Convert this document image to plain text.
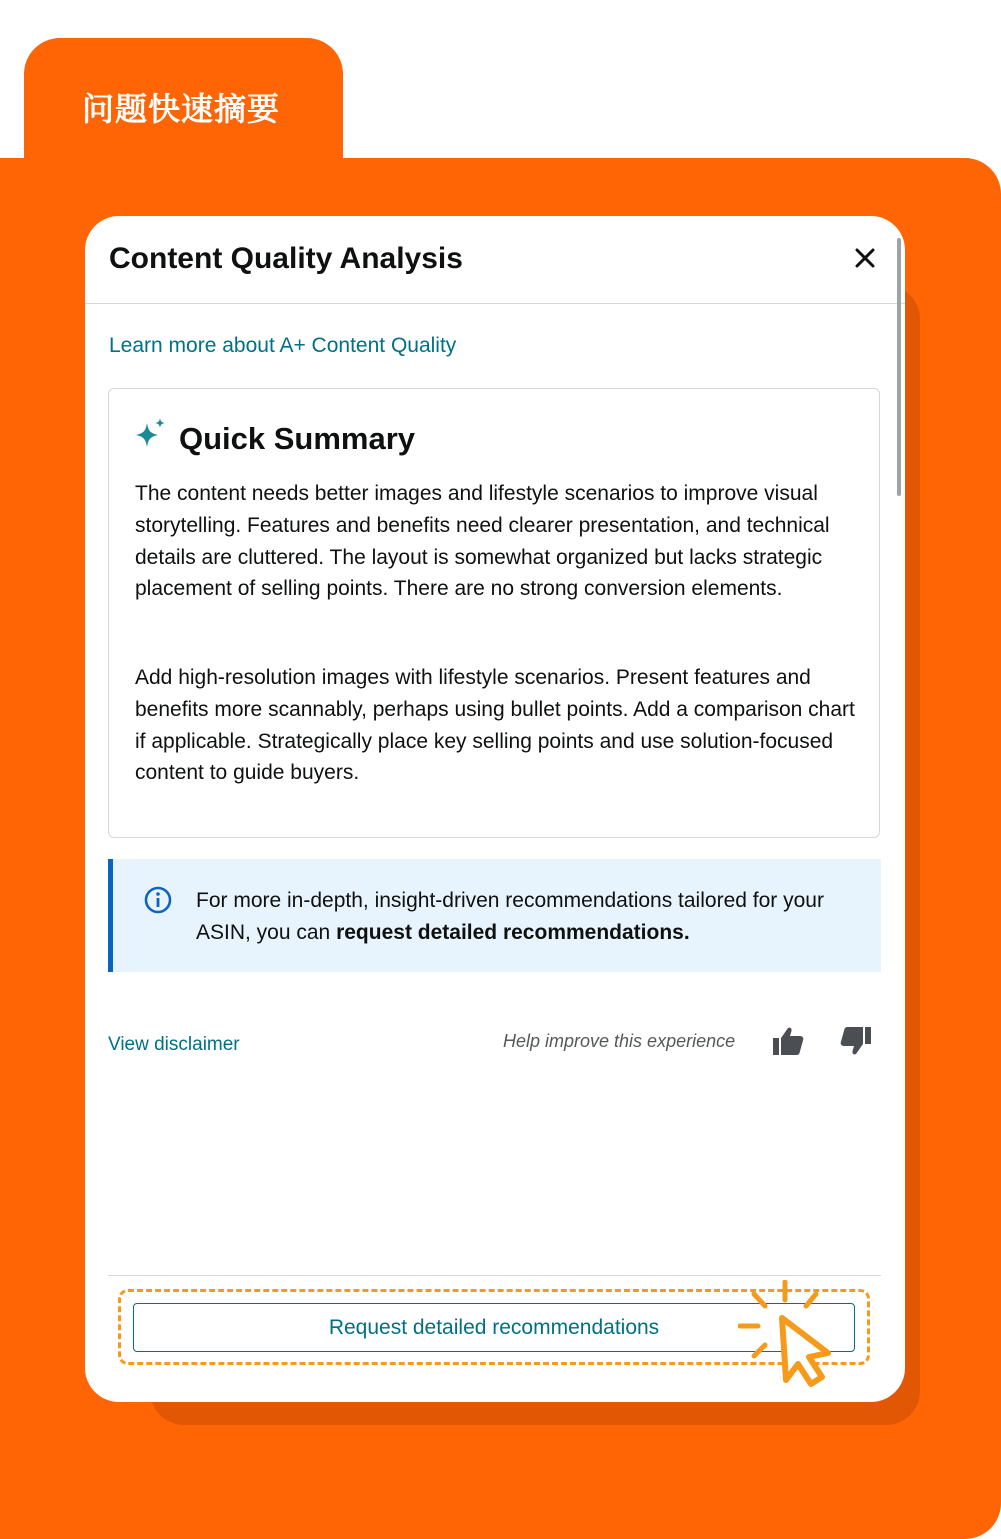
问题快速摘要
Content Quality Analysis
Learn more about A+ Content Quality
Quick Summary

The content needs better images and lifestyle scenarios to improve visual storytelling. Features and benefits need clearer presentation, and technical details are cluttered. The layout is somewhat organized but lacks strategic placement of selling points. There are no strong conversion elements.

Add high-resolution images with lifestyle scenarios. Present features and benefits more scannably, perhaps using bullet points. Add a comparison chart if applicable. Strategically place key selling points and use solution-focused content to guide buyers.

For more in-depth, insight-driven recommendations tailored for your ASIN, you can request detailed recommendations.

View disclaimer	Help improve this experience
Request detailed recommendations
